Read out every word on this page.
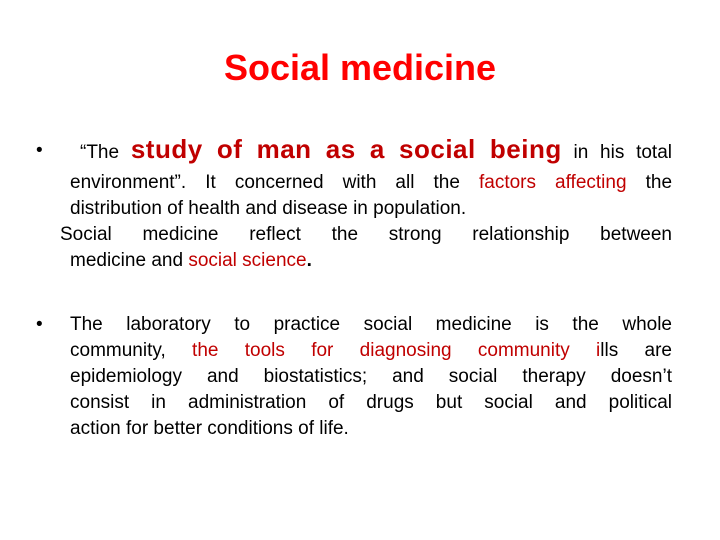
Social medicine
•	“The study of man as a social being in his total
environment”. It concerned with all the factors affecting the
distribution of health and disease in population.
Social medicine reflect the strong relationship between
medicine and social science.
•	The laboratory to practice social medicine is the whole
community, the tools for diagnosing community ills are
epidemiology and biostatistics; and social therapy doesn’t
consist in administration of drugs but social and political
action for better conditions of life.
